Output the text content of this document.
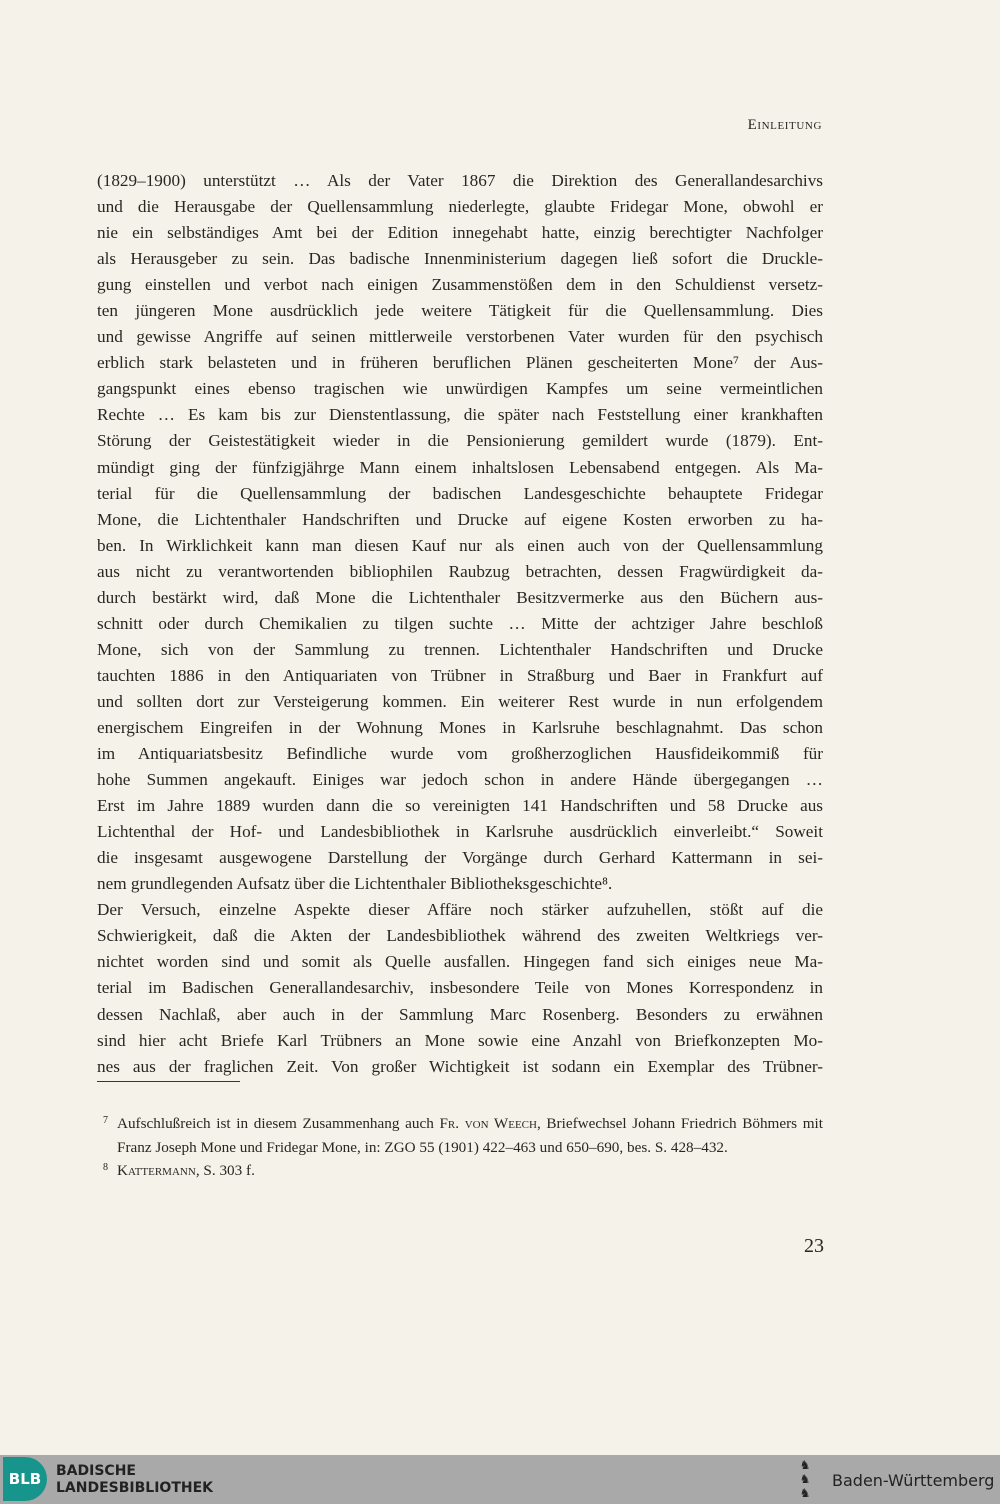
Einleitung
(1829–1900) unterstützt … Als der Vater 1867 die Direktion des Generallandesarchivs
und die Herausgabe der Quellensammlung niederlegte, glaubte Fridegar Mone, obwohl er
nie ein selbständiges Amt bei der Edition innegehabt hatte, einzig berechtigter Nachfolger
als Herausgeber zu sein. Das badische Innenministerium dagegen ließ sofort die Druckle-
gung einstellen und verbot nach einigen Zusammenstößen dem in den Schuldienst versetz-
ten jüngeren Mone ausdrücklich jede weitere Tätigkeit für die Quellensammlung. Dies
und gewisse Angriffe auf seinen mittlerweile verstorbenen Vater wurden für den psychisch
erblich stark belasteten und in früheren beruflichen Plänen gescheiterten Mone⁷ der Aus-
gangspunkt eines ebenso tragischen wie unwürdigen Kampfes um seine vermeintlichen
Rechte … Es kam bis zur Dienstentlassung, die später nach Feststellung einer krankhaften
Störung der Geistestätigkeit wieder in die Pensionierung gemildert wurde (1879). Ent-
mündigt ging der fünfzigjährge Mann einem inhaltslosen Lebensabend entgegen. Als Ma-
terial für die Quellensammlung der badischen Landesgeschichte behauptete Fridegar
Mone, die Lichtenthaler Handschriften und Drucke auf eigene Kosten erworben zu ha-
ben. In Wirklichkeit kann man diesen Kauf nur als einen auch von der Quellensammlung
aus nicht zu verantwortenden bibliophilen Raubzug betrachten, dessen Fragwürdigkeit da-
durch bestärkt wird, daß Mone die Lichtenthaler Besitzvermerke aus den Büchern aus-
schnitt oder durch Chemikalien zu tilgen suchte … Mitte der achtziger Jahre beschloß
Mone, sich von der Sammlung zu trennen. Lichtenthaler Handschriften und Drucke
tauchten 1886 in den Antiquariaten von Trübner in Straßburg und Baer in Frankfurt auf
und sollten dort zur Versteigerung kommen. Ein weiterer Rest wurde in nun erfolgendem
energischem Eingreifen in der Wohnung Mones in Karlsruhe beschlagnahmt. Das schon
im Antiquariatsbesitz Befindliche wurde vom großherzoglichen Hausfideikommiß für
hohe Summen angekauft. Einiges war jedoch schon in andere Hände übergegangen …
Erst im Jahre 1889 wurden dann die so vereinigten 141 Handschriften und 58 Drucke aus
Lichtenthal der Hof- und Landesbibliothek in Karlsruhe ausdrücklich einverleibt.“ Soweit
die insgesamt ausgewogene Darstellung der Vorgänge durch Gerhard Kattermann in sei-
nem grundlegenden Aufsatz über die Lichtenthaler Bibliotheksgeschichte⁸.
Der Versuch, einzelne Aspekte dieser Affäre noch stärker aufzuhellen, stößt auf die
Schwierigkeit, daß die Akten der Landesbibliothek während des zweiten Weltkriegs ver-
nichtet worden sind und somit als Quelle ausfallen. Hingegen fand sich einiges neue Ma-
terial im Badischen Generallandesarchiv, insbesondere Teile von Mones Korrespondenz in
dessen Nachlaß, aber auch in der Sammlung Marc Rosenberg. Besonders zu erwähnen
sind hier acht Briefe Karl Trübners an Mone sowie eine Anzahl von Briefkonzepten Mo-
nes aus der fraglichen Zeit. Von großer Wichtigkeit ist sodann ein Exemplar des Trübner-
7 Aufschlußreich ist in diesem Zusammenhang auch Fr. von Weech, Briefwechsel Johann Friedrich Böhmers mit Franz Joseph Mone und Fridegar Mone, in: ZGO 55 (1901) 422–463 und 650–690, bes. S. 428–432.
8 Kattermann, S. 303 f.
23
BLB	BADISCHE
LANDESBIBLIOTHEK
♞
♞
♞
Baden-Württemberg
